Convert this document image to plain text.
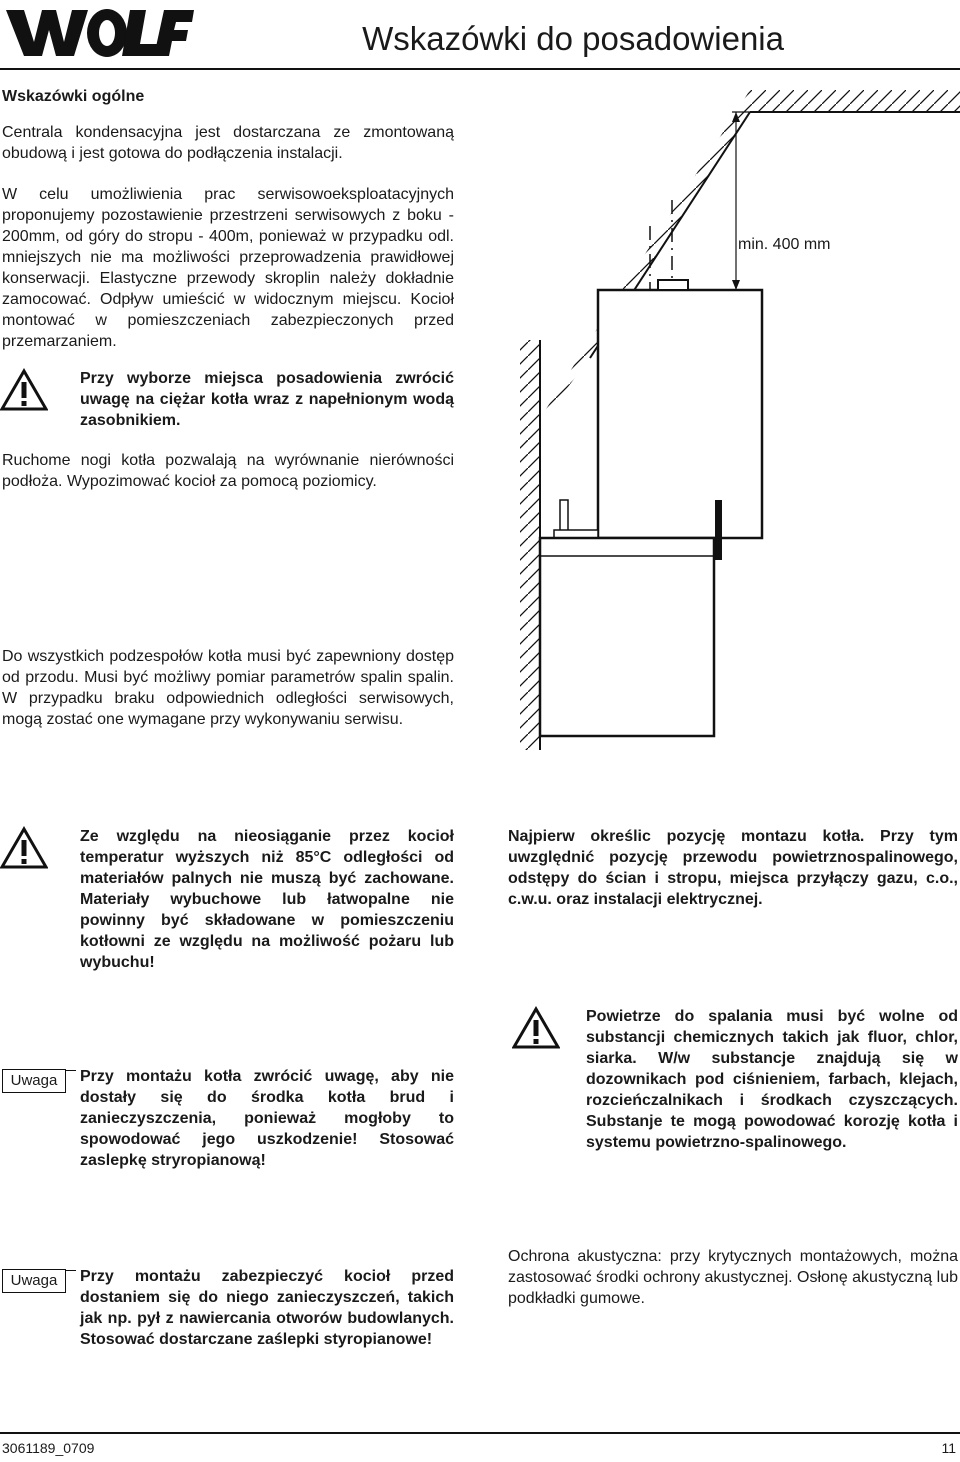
Wskazówki do posadowienia
Wskazówki ogólne
Centrala kondensacyjna jest dostarczana ze zmontowaną obudową i jest gotowa do podłączenia instalacji.
W celu umożliwienia prac serwisowoeksploatacyjnych proponujemy pozostawienie przestrzeni serwisowych z boku - 200mm, od góry do stropu - 400m, ponieważ w przypadku odl. mniejszych nie ma możliwości przeprowadzenia prawidłowej konserwacji. Elastyczne przewody skroplin należy dokładnie zamocować. Odpływ umieścić w widocznym miejscu. Kocioł montować w pomieszczeniach zabezpieczonych przed przemarzaniem.
Przy wyborze miejsca posadowienia zwrócić uwagę na ciężar kotła wraz z napełnionym wodą zasobnikiem.
Ruchome nogi kotła pozwalają na wyrównanie nierówności podłoża. Wypozimować kocioł za pomocą poziomicy.
Do wszystkich podzespołów kotła musi być zapewniony dostęp od przodu. Musi być możliwy pomiar parametrów spalin spalin. W przypadku braku odpowiednich odległości serwisowych, mogą zostać one wymagane przy wykonywaniu serwisu.
min. 400 mm
Ze względu na nieosiąganie przez kocioł temperatur wyższych niż 85°C odległości od materiałów palnych nie muszą być zachowane. Materiały wybuchowe lub łatwopalne nie powinny być składowane w pomieszczeniu kotłowni ze względu na możliwość pożaru lub wybuchu!
Najpierw określic pozycję montazu kotła. Przy tym uwzględnić pozycję przewodu powietrznospalinowego, odstępy do ścian i stropu, miejsca przyłączy gazu, c.o., c.w.u. oraz instalacji elektrycznej.
Uwaga	Przy montażu kotła zwrócić uwagę, aby nie dostały się do środka kotła brud i zanieczyszczenia, ponieważ mogłoby to spowodować jego uszkodzenie! Stosować zaslepkę stryropianową!
Powietrze do spalania musi być wolne od substancji chemicznych takich jak fluor, chlor, siarka. W/w substancje znajdują się w dozownikach pod ciśnieniem, farbach, klejach, rozcieńczalnikach i środkach czyszczących. Substanje te mogą powodować korozję kotła i systemu powietrzno-spalinowego.
Uwaga	Przy montażu zabezpieczyć kocioł przed dostaniem się do niego zanieczyszczeń, takich jak np. pył z nawiercania otworów budowlanych. Stosować dostarczane zaślepki styropianowe!
Ochrona akustyczna: przy krytycznych montażowych, można zastosować środki ochrony akustycznej. Osłonę akustyczną lub podkładki gumowe.
3061189_0709	11
